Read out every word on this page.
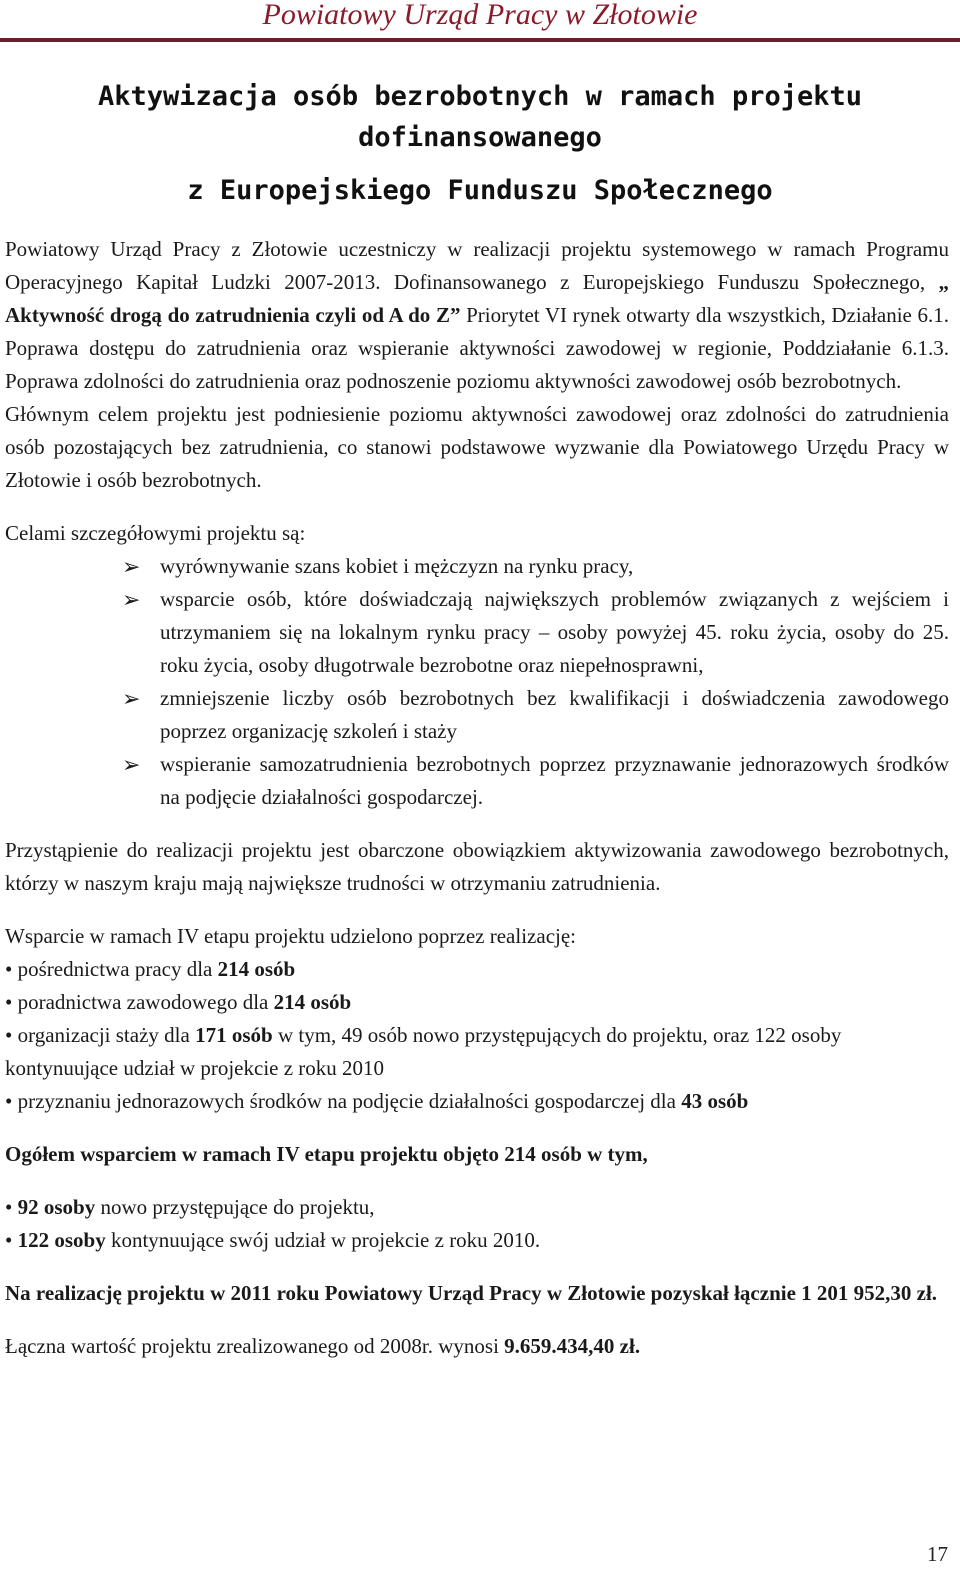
Powiatowy Urząd Pracy w Złotowie
Aktywizacja osób bezrobotnych w ramach projektu
dofinansowanego

z Europejskiego Funduszu Społecznego

Powiatowy Urząd Pracy z Złotowie uczestniczy w realizacji projektu systemowego w ramach Programu Operacyjnego Kapitał Ludzki 2007-2013. Dofinansowanego z Europejskiego Funduszu Społecznego, „ Aktywność drogą do zatrudnienia czyli od A do Z” Priorytet VI rynek otwarty dla wszystkich, Działanie 6.1. Poprawa dostępu do zatrudnienia oraz wspieranie aktywności zawodowej w regionie, Poddziałanie 6.1.3. Poprawa zdolności do zatrudnienia oraz podnoszenie poziomu aktywności zawodowej osób bezrobotnych.

Głównym celem projektu jest podniesienie poziomu aktywności zawodowej oraz zdolności do zatrudnienia osób pozostających bez zatrudnienia, co stanowi podstawowe wyzwanie dla Powiatowego Urzędu Pracy w Złotowie i osób bezrobotnych.

Celami szczegółowymi projektu są:

➢ wyrównywanie szans kobiet i mężczyzn na rynku pracy,
➢ wsparcie osób, które doświadczają największych problemów związanych z wejściem i utrzymaniem się na lokalnym rynku pracy – osoby powyżej 45. roku życia, osoby do 25. roku życia, osoby długotrwale bezrobotne oraz niepełnosprawni,
➢ zmniejszenie liczby osób bezrobotnych bez kwalifikacji i doświadczenia zawodowego poprzez organizację szkoleń i staży
➢ wspieranie samozatrudnienia bezrobotnych poprzez przyznawanie jednorazowych środków na podjęcie działalności gospodarczej.

Przystąpienie do realizacji projektu jest obarczone obowiązkiem aktywizowania zawodowego bezrobotnych, którzy w naszym kraju mają największe trudności w otrzymaniu zatrudnienia.

Wsparcie w ramach IV etapu projektu udzielono poprzez realizację:

• pośrednictwa pracy dla 214 osób
• poradnictwa zawodowego dla 214 osób
• organizacji staży dla 171 osób w tym, 49 osób nowo przystępujących do projektu, oraz 122 osoby kontynuujące udział w projekcie z roku 2010
• przyznaniu jednorazowych środków na podjęcie działalności gospodarczej dla 43 osób

Ogółem wsparciem w ramach IV etapu projektu objęto 214 osób w tym,

• 92 osoby nowo przystępujące do projektu,
• 122 osoby kontynuujące swój udział w projekcie z roku 2010.

Na realizację projektu w 2011 roku Powiatowy Urząd Pracy w Złotowie pozyskał łącznie 1 201 952,30 zł.

Łączna wartość projektu zrealizowanego od 2008r. wynosi 9.659.434,40 zł.

17
